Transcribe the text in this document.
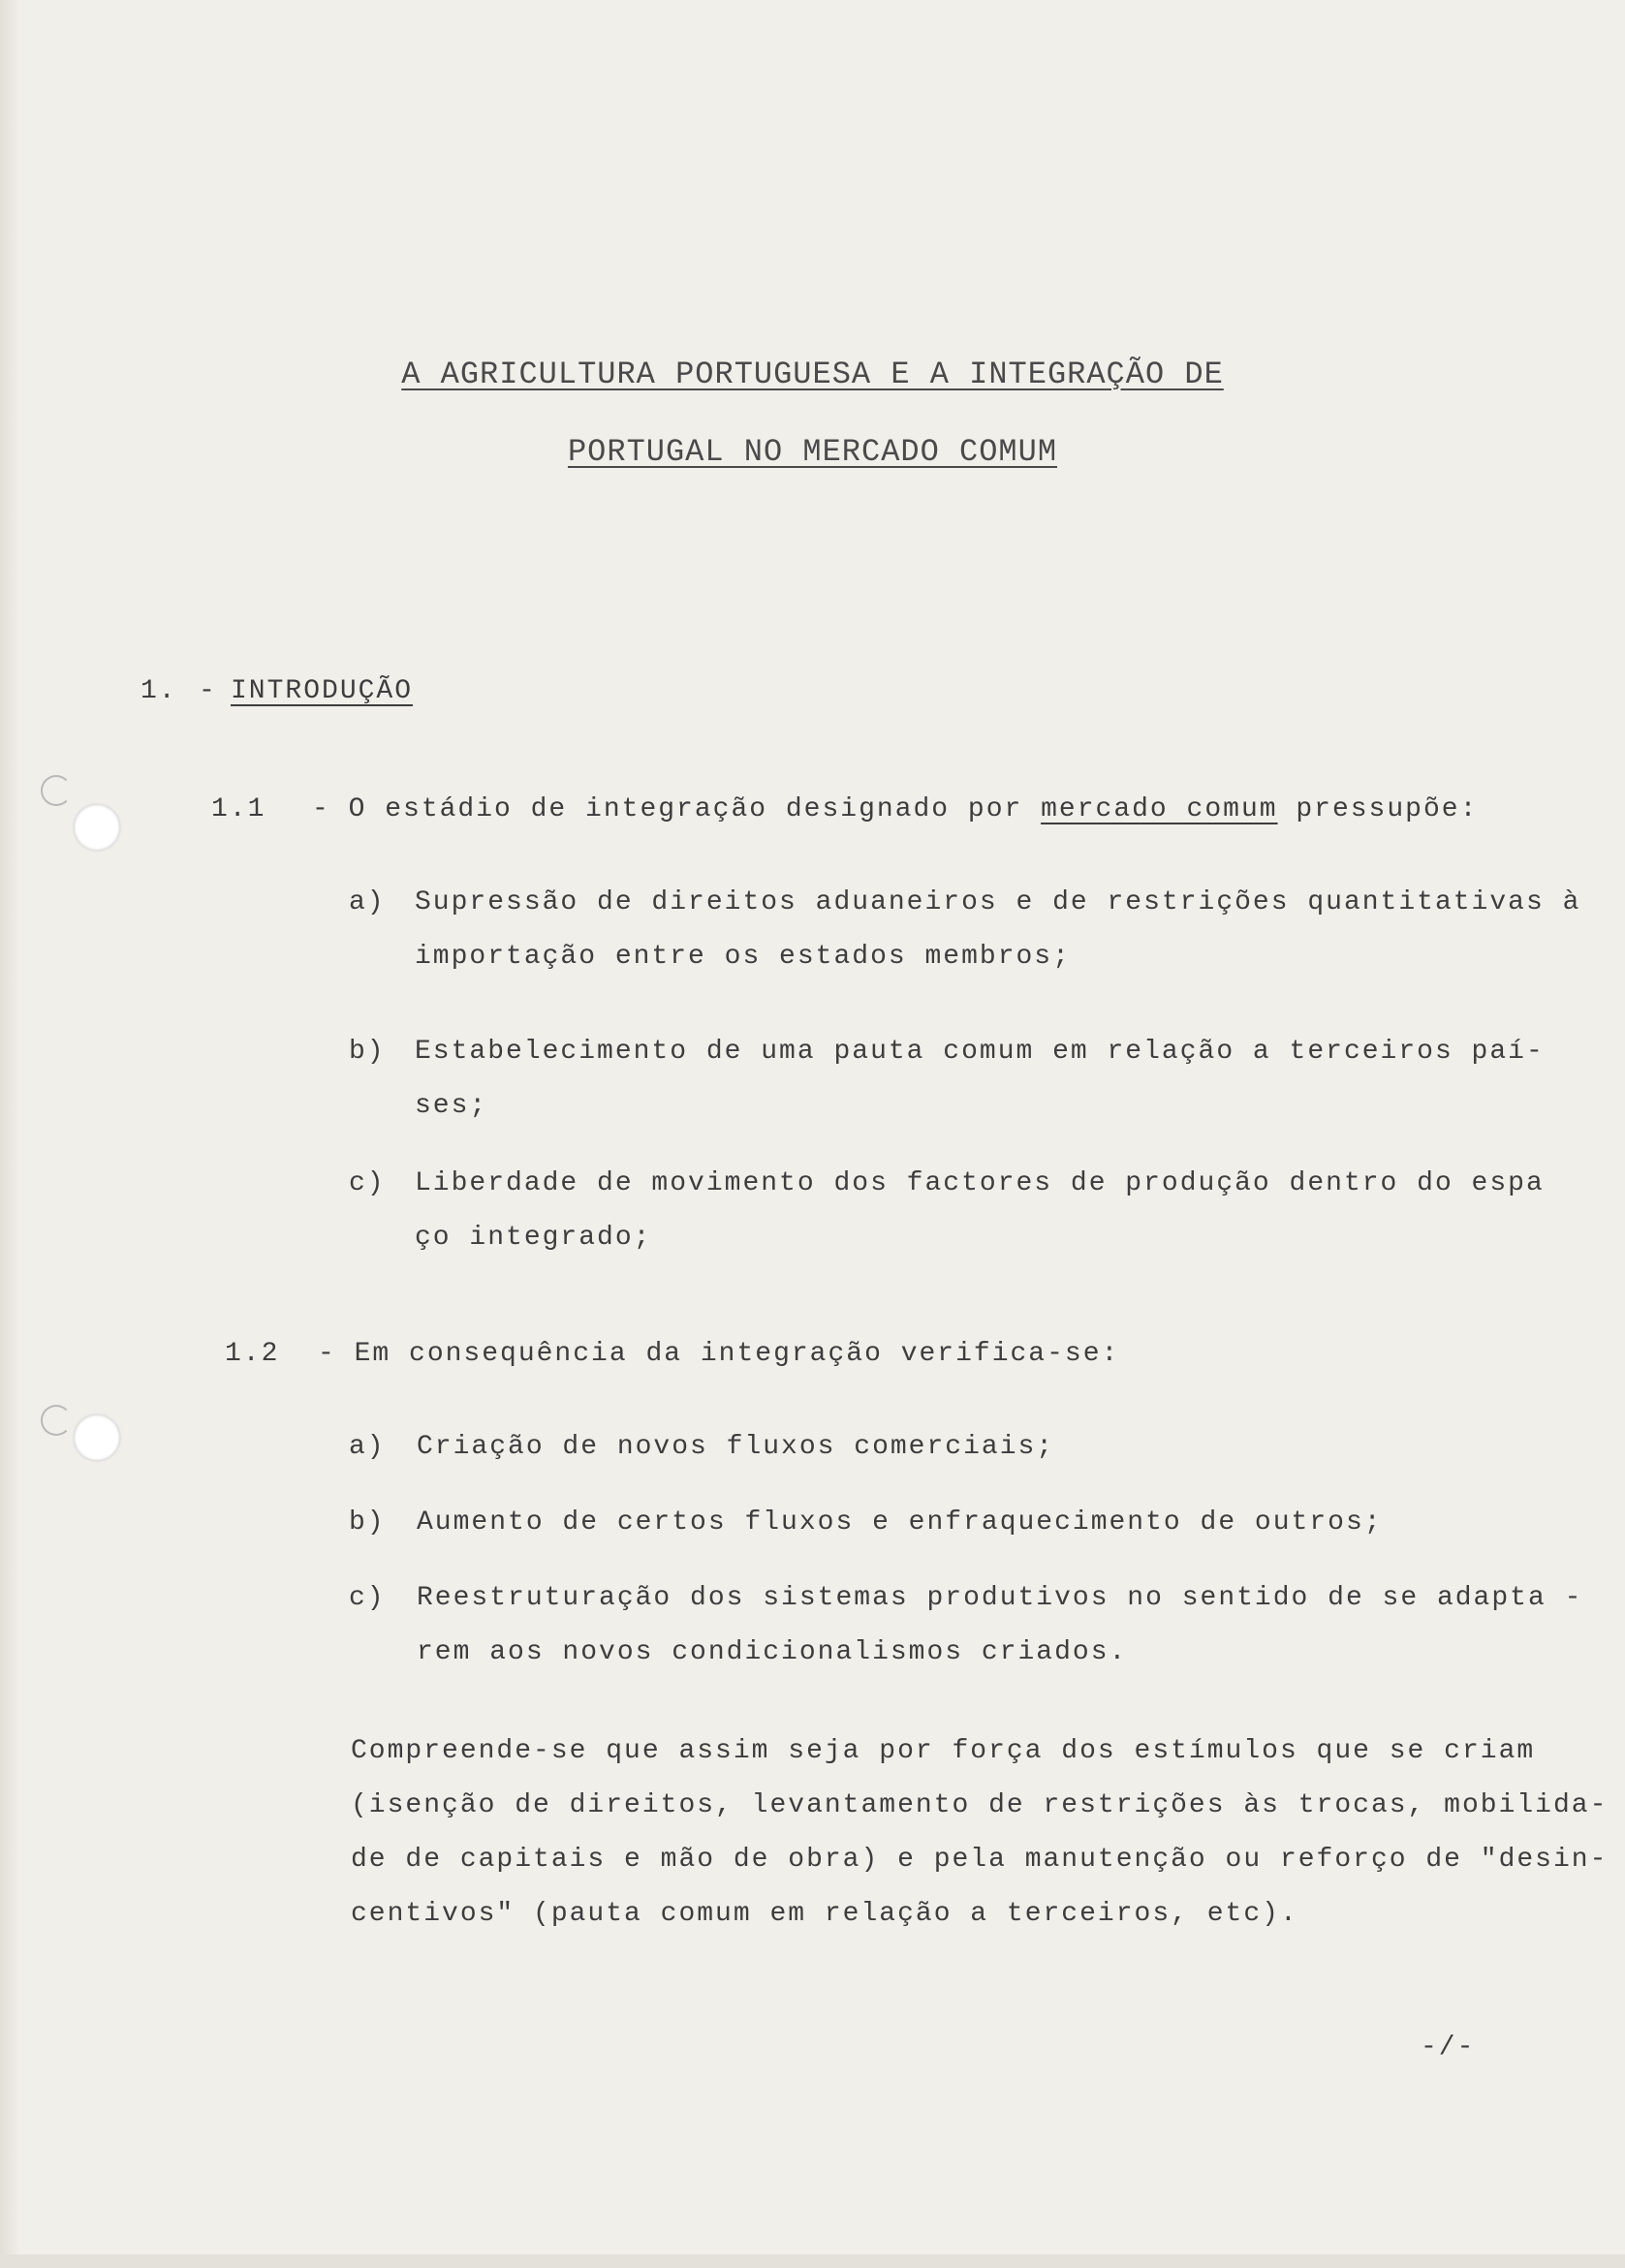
A AGRICULTURA PORTUGUESA E A INTEGRAÇÃO DE
PORTUGAL NO MERCADO COMUM
1. - INTRODUÇÃO
1.1 - O estádio de integração designado por mercado comum pressupõe:
a) Supressão de direitos aduaneiros e de restrições quantitativas à
importação entre os estados membros;
b) Estabelecimento de uma pauta comum em relação a terceiros paí-
ses;
c) Liberdade de movimento dos factores de produção dentro do espa
ço integrado;
1.2 - Em consequência da integração verifica-se:
a) Criação de novos fluxos comerciais;
b) Aumento de certos fluxos e enfraquecimento de outros;
c) Reestruturação dos sistemas produtivos no sentido de se adapta -
rem aos novos condicionalismos criados.
Compreende-se que assim seja por força dos estímulos que se criam
(isenção de direitos, levantamento de restrições às trocas, mobilida-
de de capitais e mão de obra) e pela manutenção ou reforço de "desin-
centivos" (pauta comum em relação a terceiros, etc).
-/-
